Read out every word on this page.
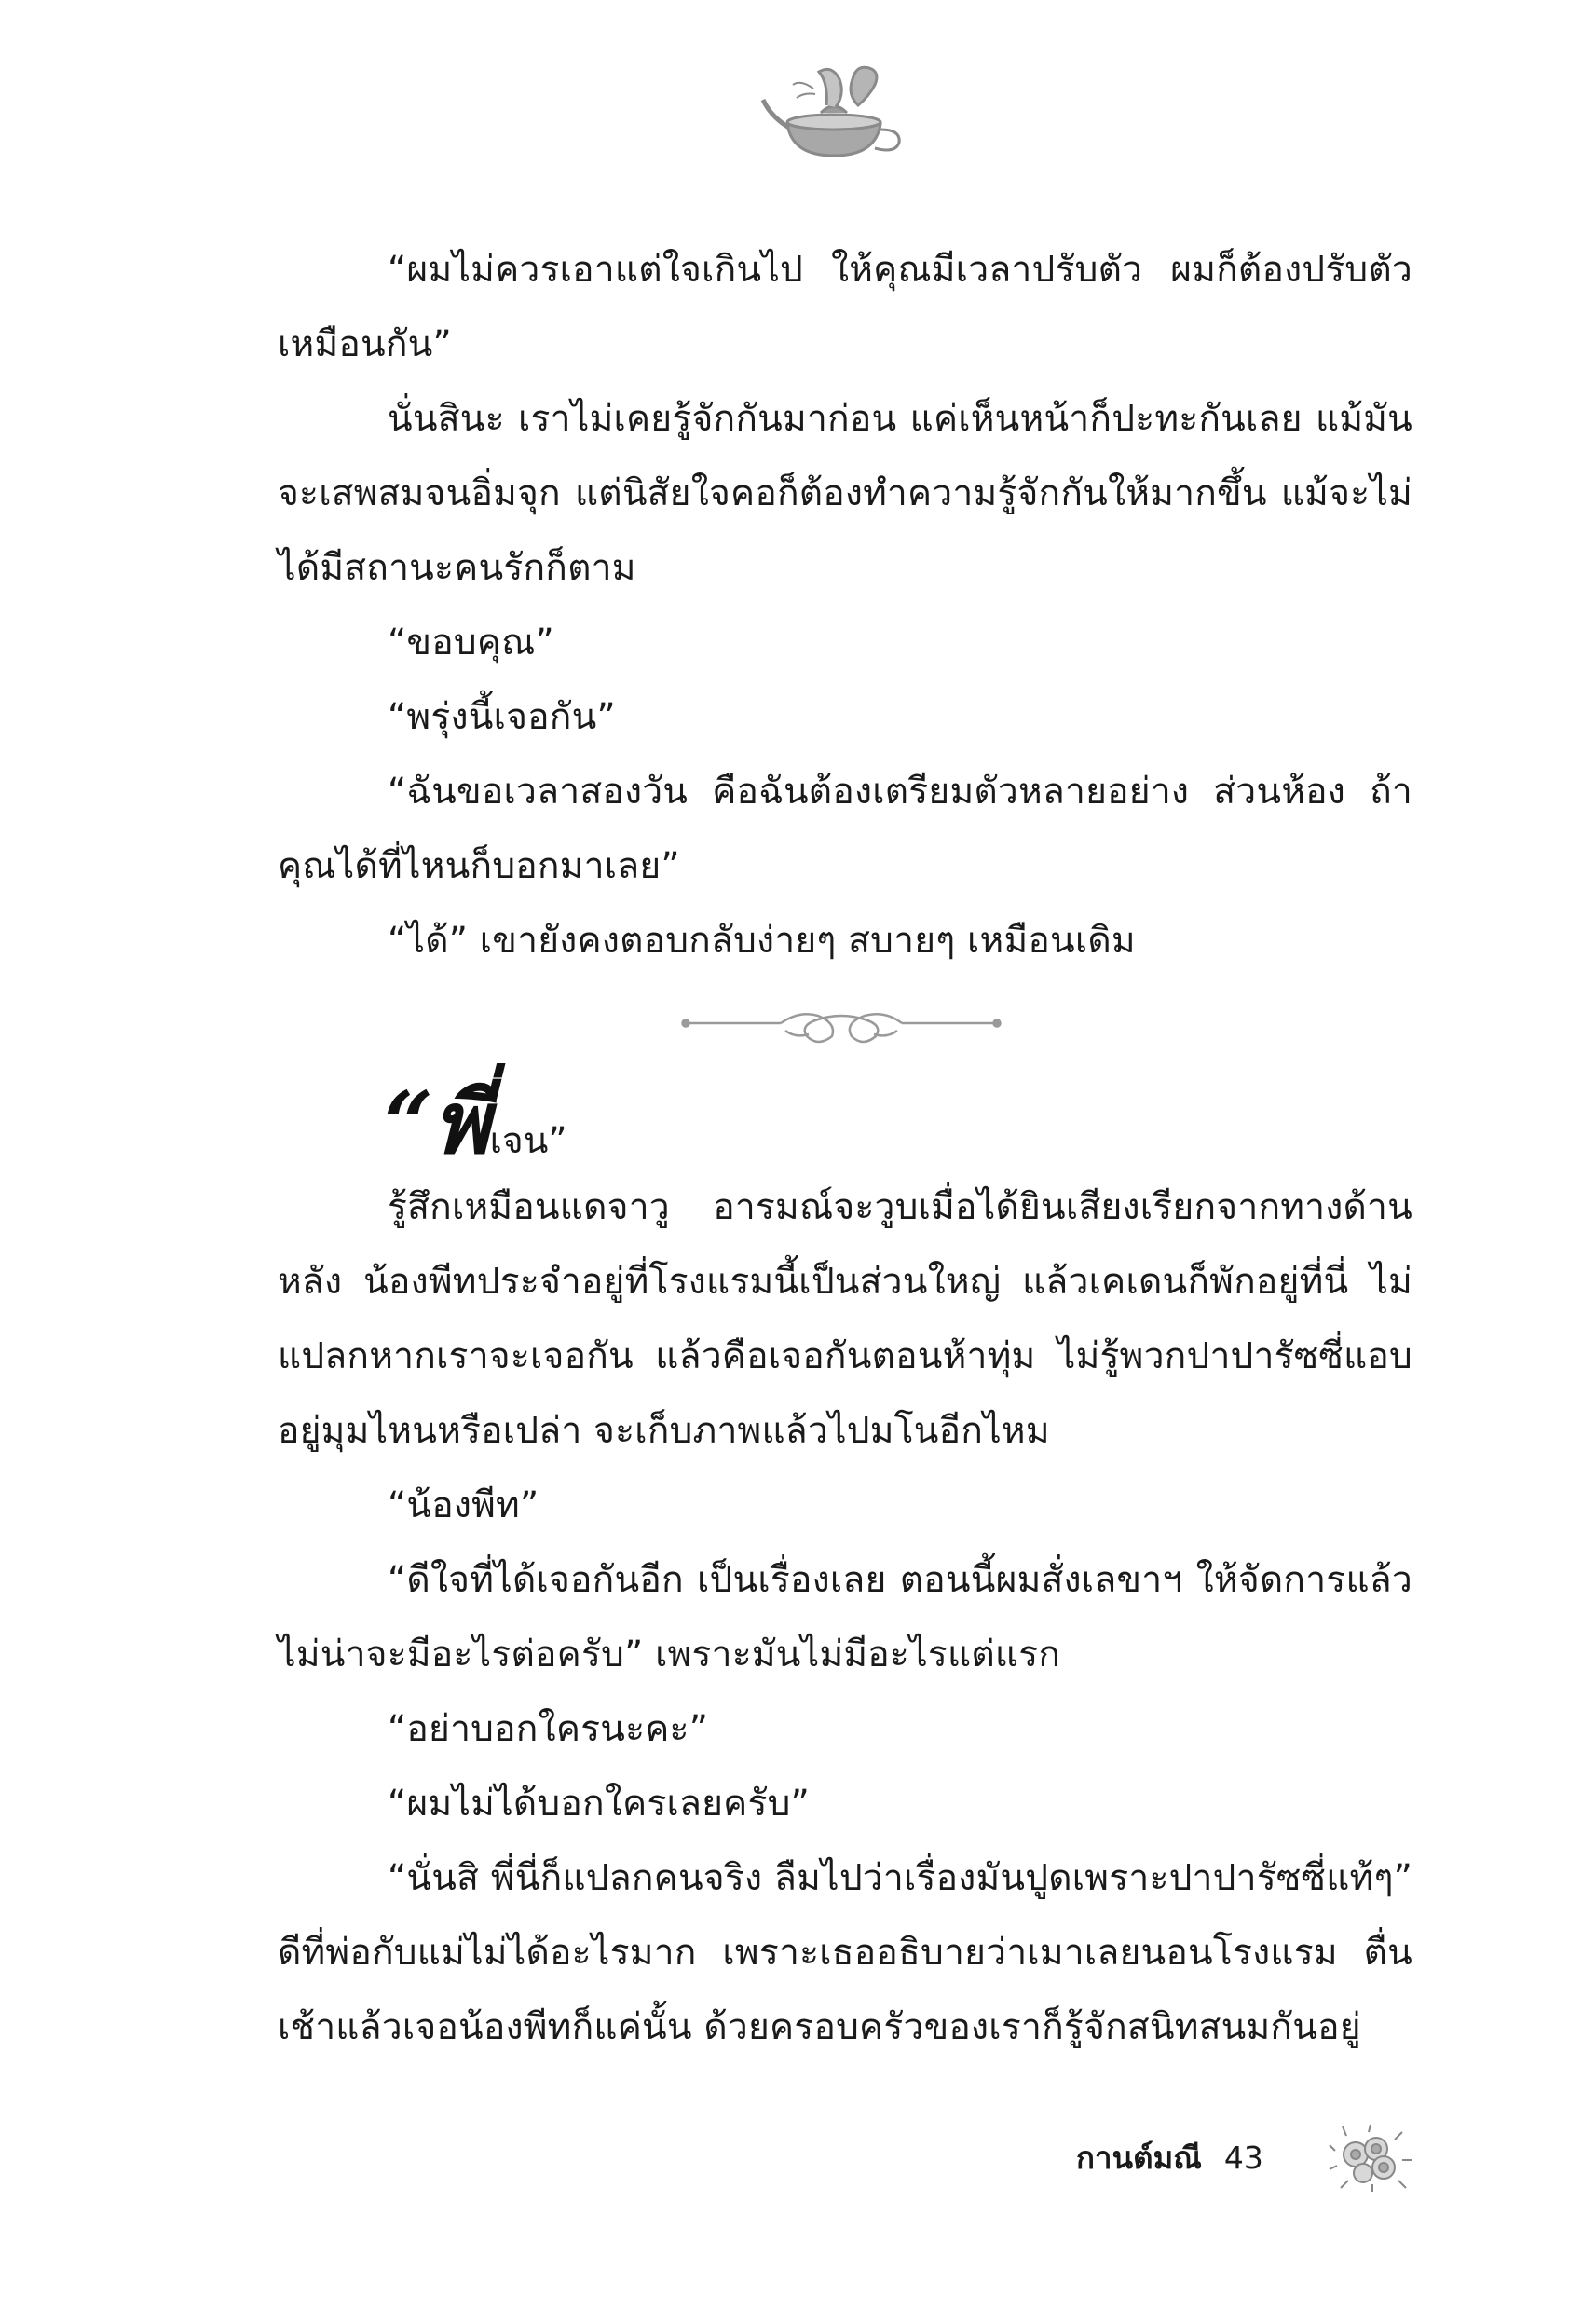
“ผมไม่ควรเอาแต่ใจเกินไป ให้คุณมีเวลาปรับตัว ผมก็ต้องปรับตัวเหมือนกัน”

นั่นสินะ เราไม่เคยรู้จักกันมาก่อน แค่เห็นหน้าก็ปะทะกันเลย แม้มันจะเสพสมจนอิ่มจุก แต่นิสัยใจคอก็ต้องทำความรู้จักกันให้มากขึ้น แม้จะไม่ได้มีสถานะคนรักก็ตาม

“ขอบคุณ”

“พรุ่งนี้เจอกัน”

“ฉันขอเวลาสองวัน คือฉันต้องเตรียมตัวหลายอย่าง ส่วนห้อง ถ้าคุณได้ที่ไหนก็บอกมาเลย”

“ได้” เขายังคงตอบกลับง่ายๆ สบายๆ เหมือนเดิม

“พี่เจน”

รู้สึกเหมือนแดจาวู อารมณ์จะวูบเมื่อได้ยินเสียงเรียกจากทางด้านหลัง น้องพีทประจำอยู่ที่โรงแรมนี้เป็นส่วนใหญ่ แล้วเคเดนก็พักอยู่ที่นี่ ไม่แปลกหากเราจะเจอกัน แล้วคือเจอกันตอนห้าทุ่ม ไม่รู้พวกปาปารัซซี่แอบอยู่มุมไหนหรือเปล่า จะเก็บภาพแล้วไปมโนอีกไหม

“น้องพีท”

“ดีใจที่ได้เจอกันอีก เป็นเรื่องเลย ตอนนี้ผมสั่งเลขาฯ ให้จัดการแล้ว ไม่น่าจะมีอะไรต่อครับ” เพราะมันไม่มีอะไรแต่แรก

“อย่าบอกใครนะคะ”

“ผมไม่ได้บอกใครเลยครับ”

“นั่นสิ พี่นี่ก็แปลกคนจริง ลืมไปว่าเรื่องมันปูดเพราะปาปารัซซี่แท้ๆ” ดีที่พ่อกับแม่ไม่ได้อะไรมาก เพราะเธออธิบายว่าเมาเลยนอนโรงแรม ตื่นเช้าแล้วเจอน้องพีทก็แค่นั้น ด้วยครอบครัวของเราก็รู้จักสนิทสนมกันอยู่

กานต์มณี 43
